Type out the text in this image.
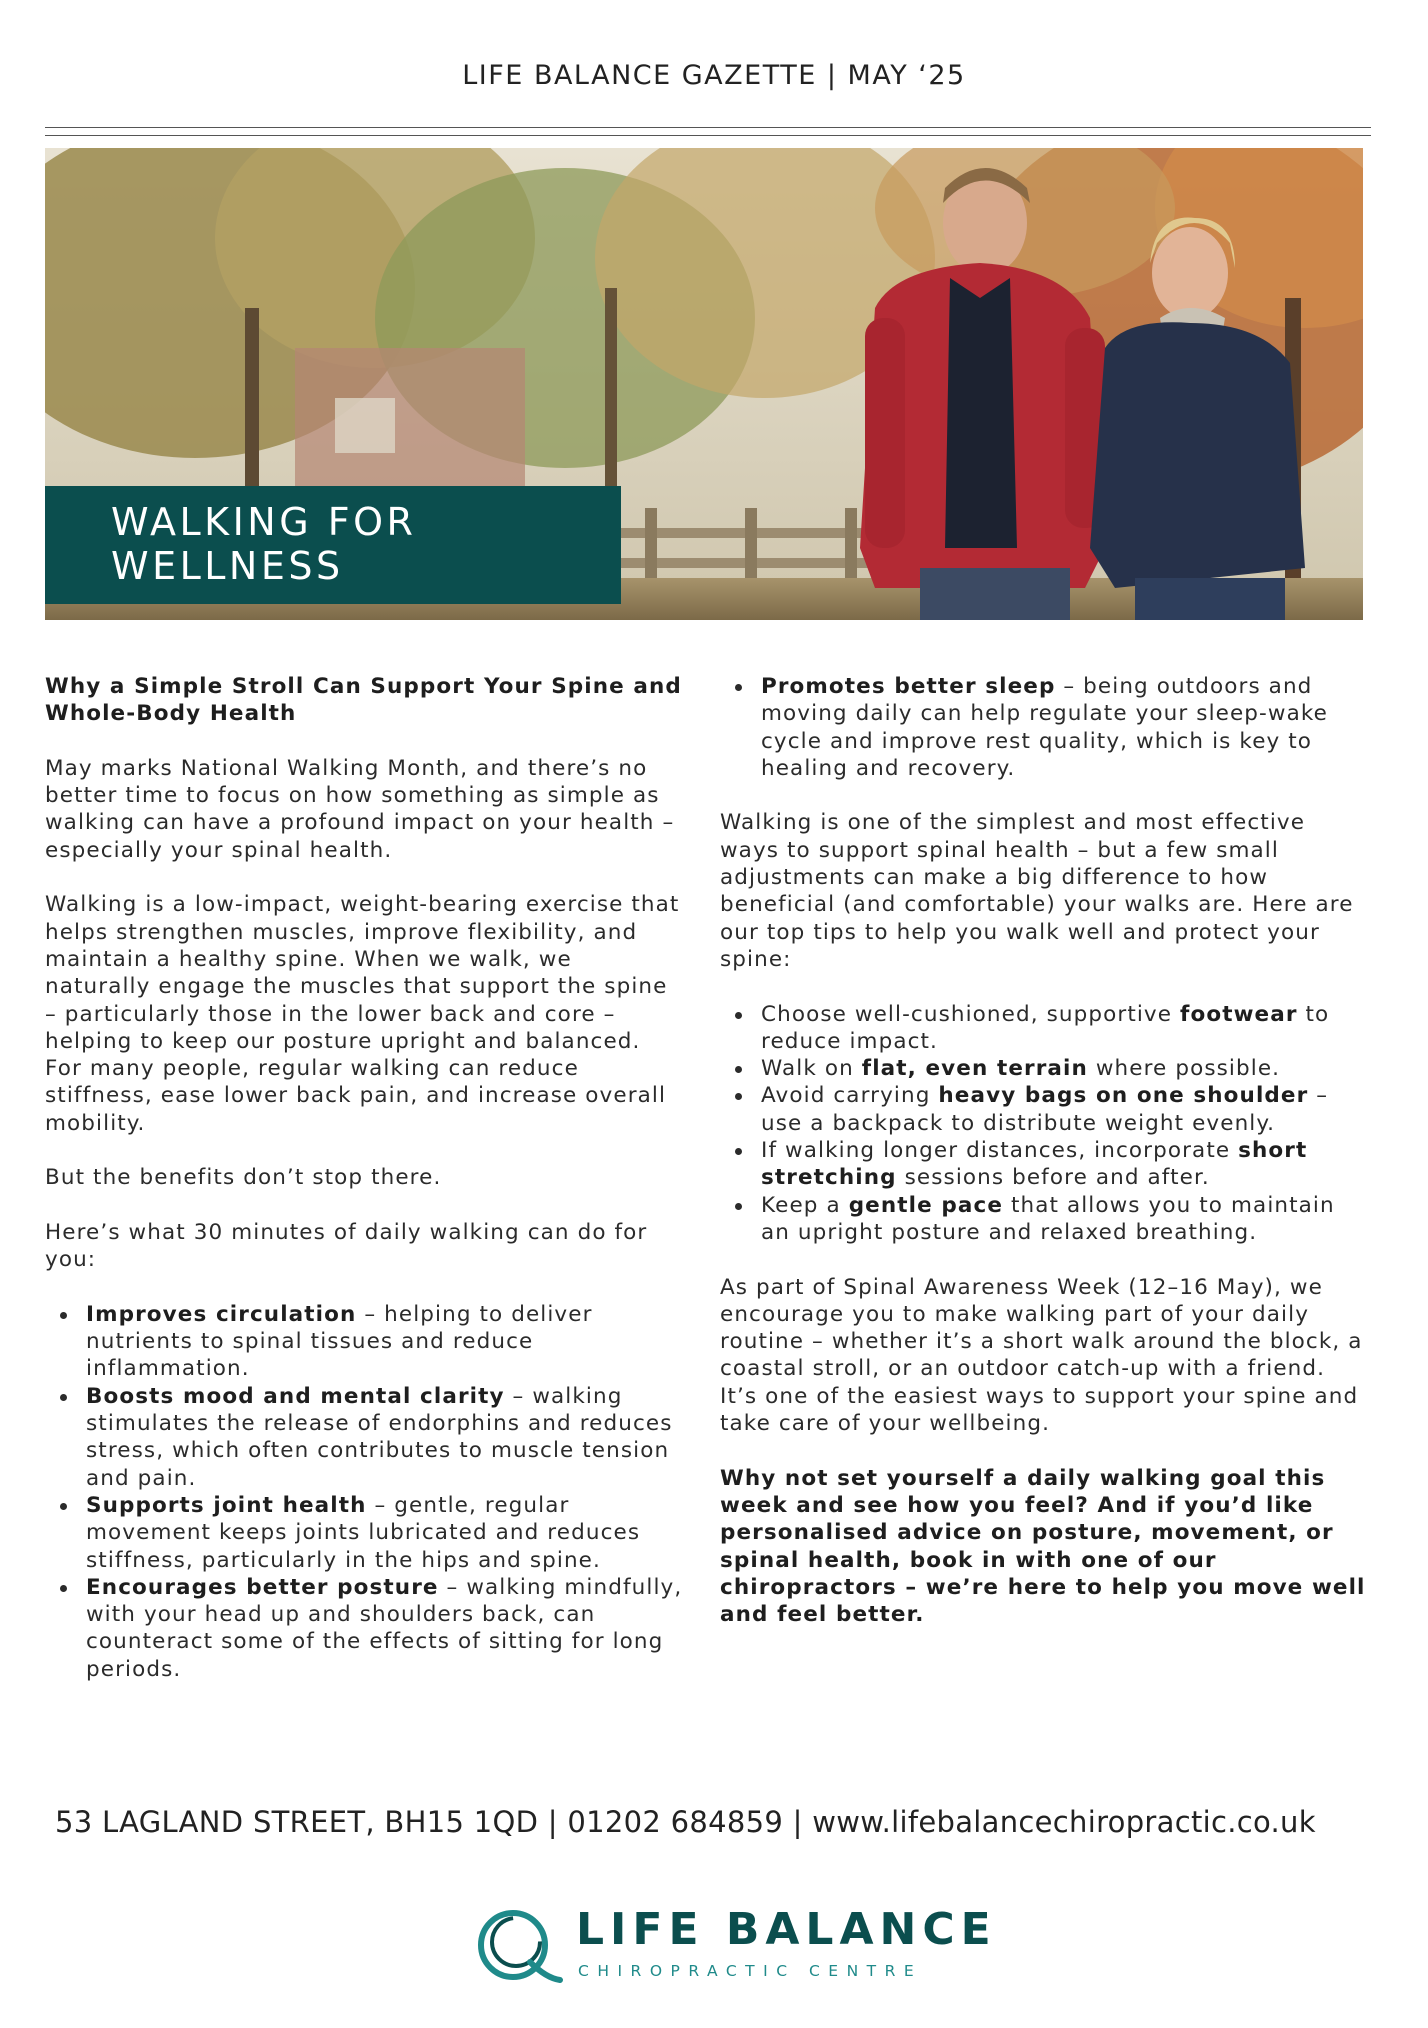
LIFE BALANCE GAZETTE | MAY ‘25
WALKING FOR
WELLNESS

Why a Simple Stroll Can Support Your Spine and Whole-Body Health

May marks National Walking Month, and there’s no better time to focus on how something as simple as walking can have a profound impact on your health – especially your spinal health.

Walking is a low-impact, weight-bearing exercise that helps strengthen muscles, improve flexibility, and maintain a healthy spine. When we walk, we naturally engage the muscles that support the spine – particularly those in the lower back and core – helping to keep our posture upright and balanced. For many people, regular walking can reduce stiffness, ease lower back pain, and increase overall mobility.

But the benefits don’t stop there.

Here’s what 30 minutes of daily walking can do for you:

Improves circulation – helping to deliver nutrients to spinal tissues and reduce inflammation.
Boosts mood and mental clarity – walking stimulates the release of endorphins and reduces stress, which often contributes to muscle tension and pain.
Supports joint health – gentle, regular movement keeps joints lubricated and reduces stiffness, particularly in the hips and spine.
Encourages better posture – walking mindfully, with your head up and shoulders back, can counteract some of the effects of sitting for long periods.
Promotes better sleep – being outdoors and moving daily can help regulate your sleep-wake cycle and improve rest quality, which is key to healing and recovery.

Walking is one of the simplest and most effective ways to support spinal health – but a few small adjustments can make a big difference to how beneficial (and comfortable) your walks are. Here are our top tips to help you walk well and protect your spine:

Choose well-cushioned, supportive footwear to reduce impact.
Walk on flat, even terrain where possible.
Avoid carrying heavy bags on one shoulder – use a backpack to distribute weight evenly.
If walking longer distances, incorporate short stretching sessions before and after.
Keep a gentle pace that allows you to maintain an upright posture and relaxed breathing.

As part of Spinal Awareness Week (12–16 May), we encourage you to make walking part of your daily routine – whether it’s a short walk around the block, a coastal stroll, or an outdoor catch-up with a friend. It’s one of the easiest ways to support your spine and take care of your wellbeing.

Why not set yourself a daily walking goal this week and see how you feel? And if you’d like personalised advice on posture, movement, or spinal health, book in with one of our chiropractors – we’re here to help you move well and feel better.

53 LAGLAND STREET, BH15 1QD | 01202 684859 | www.lifebalancechiropractic.co.uk
LIFE BALANCE
CHIROPRACTIC CENTRE
